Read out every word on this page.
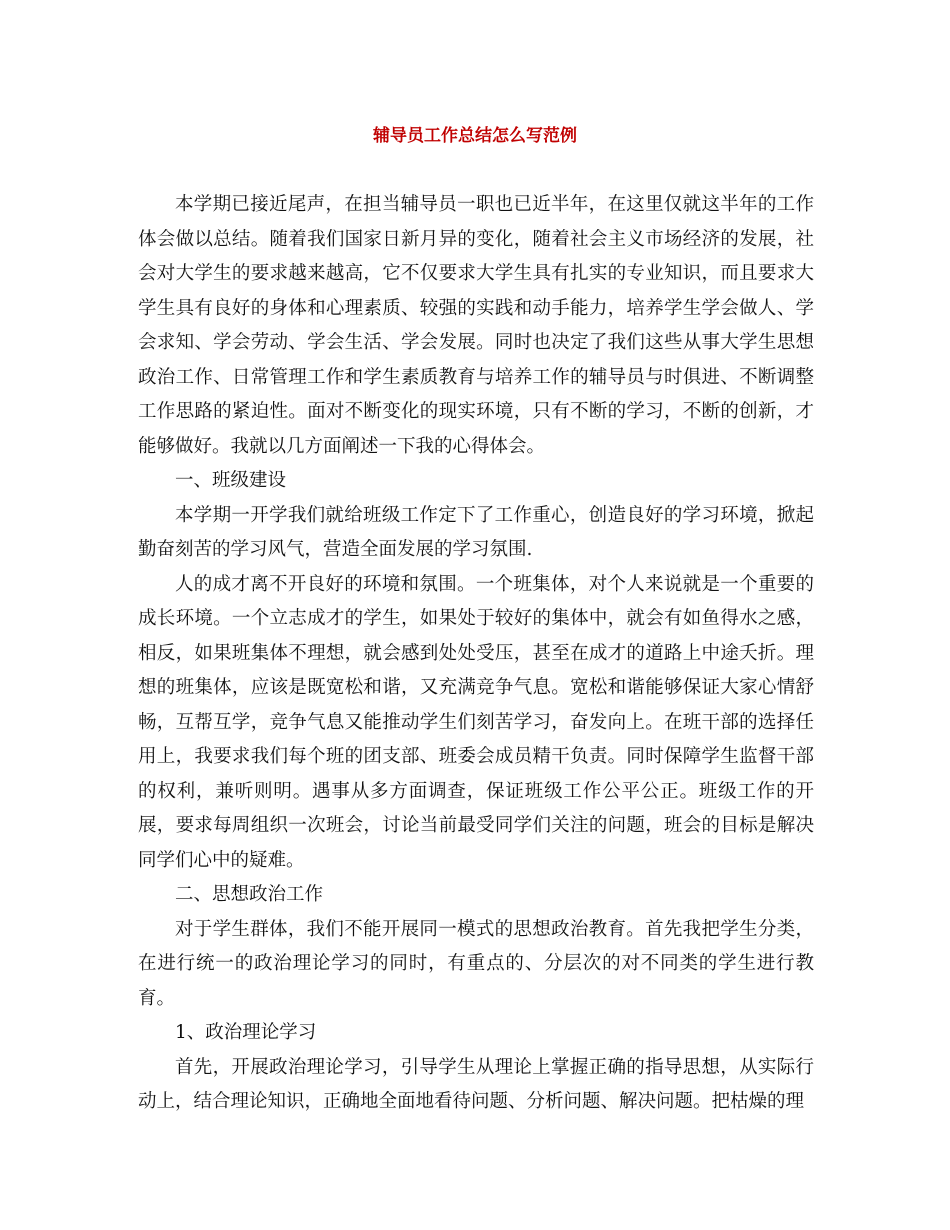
辅导员工作总结怎么写范例

本学期已接近尾声，在担当辅导员一职也已近半年，在这里仅就这半年的工作体会做以总结。随着我们国家日新月异的变化，随着社会主义市场经济的发展，社会对大学生的要求越来越高，它不仅要求大学生具有扎实的专业知识，而且要求大学生具有良好的身体和心理素质、较强的实践和动手能力，培养学生学会做人、学会求知、学会劳动、学会生活、学会发展。同时也决定了我们这些从事大学生思想政治工作、日常管理工作和学生素质教育与培养工作的辅导员与时俱进、不断调整工作思路的紧迫性。面对不断变化的现实环境，只有不断的学习，不断的创新，才能够做好。我就以几方面阐述一下我的心得体会。

一、班级建设

本学期一开学我们就给班级工作定下了工作重心，创造良好的学习环境，掀起勤奋刻苦的学习风气，营造全面发展的学习氛围.

人的成才离不开良好的环境和氛围。一个班集体，对个人来说就是一个重要的成长环境。一个立志成才的学生，如果处于较好的集体中，就会有如鱼得水之感，相反，如果班集体不理想，就会感到处处受压，甚至在成才的道路上中途夭折。理想的班集体，应该是既宽松和谐，又充满竞争气息。宽松和谐能够保证大家心情舒畅，互帮互学，竞争气息又能推动学生们刻苦学习，奋发向上。在班干部的选择任用上，我要求我们每个班的团支部、班委会成员精干负责。同时保障学生监督干部的权利，兼听则明。遇事从多方面调查，保证班级工作公平公正。班级工作的开展，要求每周组织一次班会，讨论当前最受同学们关注的问题，班会的目标是解决同学们心中的疑难。

二、思想政治工作

对于学生群体，我们不能开展同一模式的思想政治教育。首先我把学生分类，在进行统一的政治理论学习的同时，有重点的、分层次的对不同类的学生进行教育。

1、政治理论学习

首先，开展政治理论学习，引导学生从理论上掌握正确的指导思想，从实际行动上，结合理论知识，正确地全面地看待问题、分析问题、解决问题。把枯燥的理
